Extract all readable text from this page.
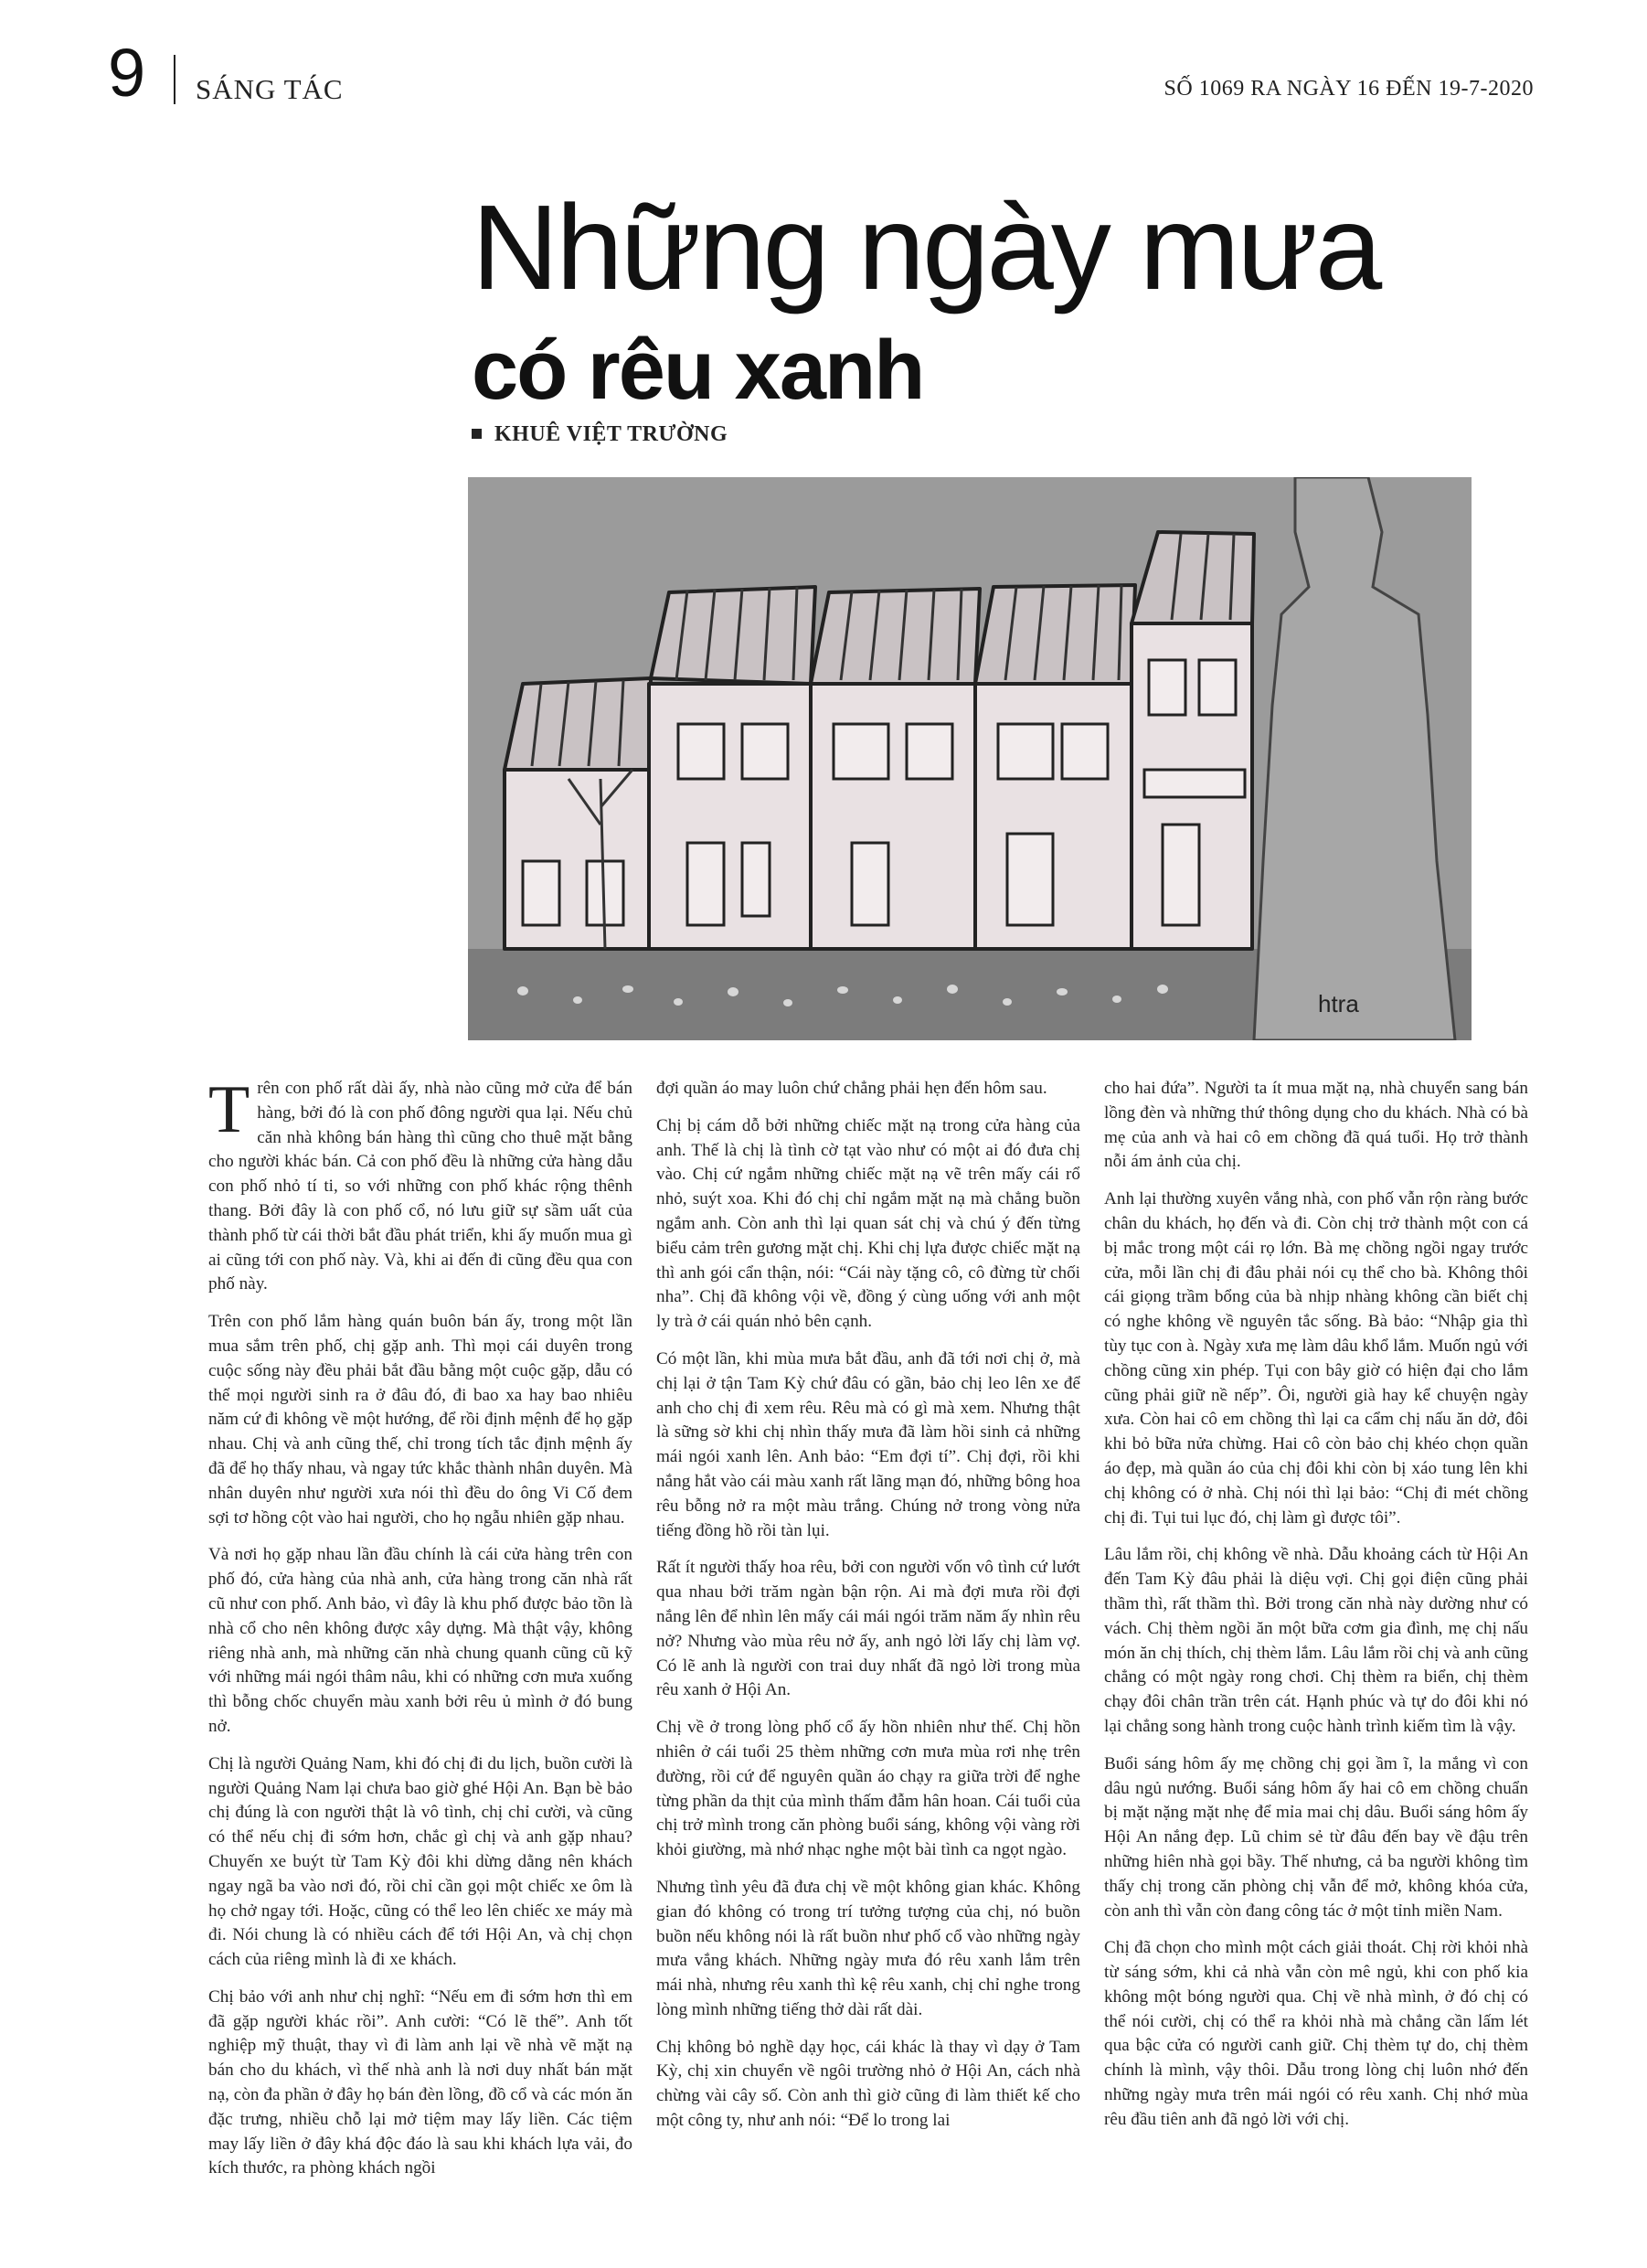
9 SÁNG TÁC	SỐ 1069 RA NGÀY 16 ĐẾN 19-7-2020
Những ngày mưa
có rêu xanh
KHUÊ VIỆT TRƯỜNG
htra

Trên con phố rất dài ấy, nhà nào cũng mở cửa để bán hàng, bởi đó là con phố đông người qua lại. Nếu chủ căn nhà không bán hàng thì cũng cho thuê mặt bằng cho người khác bán. Cả con phố đều là những cửa hàng dẫu con phố nhỏ tí ti, so với những con phố khác rộng thênh thang. Bởi đây là con phố cổ, nó lưu giữ sự sầm uất của thành phố từ cái thời bắt đầu phát triển, khi ấy muốn mua gì ai cũng tới con phố này. Và, khi ai đến đi cũng đều qua con phố này.

Trên con phố lắm hàng quán buôn bán ấy, trong một lần mua sắm trên phố, chị gặp anh. Thì mọi cái duyên trong cuộc sống này đều phải bắt đầu bằng một cuộc gặp, dẫu có thể mọi người sinh ra ở đâu đó, đi bao xa hay bao nhiêu năm cứ đi không về một hướng, để rồi định mệnh để họ gặp nhau. Chị và anh cũng thế, chỉ trong tích tắc định mệnh ấy đã để họ thấy nhau, và ngay tức khắc thành nhân duyên. Mà nhân duyên như người xưa nói thì đều do ông Vi Cố đem sợi tơ hồng cột vào hai người, cho họ ngẫu nhiên gặp nhau.

Và nơi họ gặp nhau lần đầu chính là cái cửa hàng trên con phố đó, cửa hàng của nhà anh, cửa hàng trong căn nhà rất cũ như con phố. Anh bảo, vì đây là khu phố được bảo tồn là nhà cổ cho nên không được xây dựng. Mà thật vậy, không riêng nhà anh, mà những căn nhà chung quanh cũng cũ kỹ với những mái ngói thâm nâu, khi có những cơn mưa xuống thì bỗng chốc chuyển màu xanh bởi rêu ủ mình ở đó bung nở.

Chị là người Quảng Nam, khi đó chị đi du lịch, buồn cười là người Quảng Nam lại chưa bao giờ ghé Hội An. Bạn bè bảo chị đúng là con người thật là vô tình, chị chỉ cười, và cũng có thể nếu chị đi sớm hơn, chắc gì chị và anh gặp nhau? Chuyến xe buýt từ Tam Kỳ đôi khi dừng dằng nên khách ngay ngã ba vào nơi đó, rồi chỉ cần gọi một chiếc xe ôm là họ chở ngay tới. Hoặc, cũng có thể leo lên chiếc xe máy mà đi. Nói chung là có nhiều cách để tới Hội An, và chị chọn cách của riêng mình là đi xe khách.

Chị bảo với anh như chị nghĩ: “Nếu em đi sớm hơn thì em đã gặp người khác rồi”. Anh cười: “Có lẽ thế”. Anh tốt nghiệp mỹ thuật, thay vì đi làm anh lại về nhà vẽ mặt nạ bán cho du khách, vì thế nhà anh là nơi duy nhất bán mặt nạ, còn đa phần ở đây họ bán đèn lồng, đồ cổ và các món ăn đặc trưng, nhiều chỗ lại mở tiệm may lấy liền. Các tiệm may lấy liền ở đây khá độc đáo là sau khi khách lựa vải, đo kích thước, ra phòng khách ngồi

đợi quần áo may luôn chứ chẳng phải hẹn đến hôm sau.

Chị bị cám dỗ bởi những chiếc mặt nạ trong cửa hàng của anh. Thế là chị là tình cờ tạt vào như có một ai đó đưa chị vào. Chị cứ ngắm những chiếc mặt nạ vẽ trên mấy cái rổ nhỏ, suýt xoa. Khi đó chị chỉ ngắm mặt nạ mà chẳng buồn ngắm anh. Còn anh thì lại quan sát chị và chú ý đến từng biểu cảm trên gương mặt chị. Khi chị lựa được chiếc mặt nạ thì anh gói cẩn thận, nói: “Cái này tặng cô, cô đừng từ chối nha”. Chị đã không vội về, đồng ý cùng uống với anh một ly trà ở cái quán nhỏ bên cạnh.

Có một lần, khi mùa mưa bắt đầu, anh đã tới nơi chị ở, mà chị lại ở tận Tam Kỳ chứ đâu có gần, bảo chị leo lên xe để anh cho chị đi xem rêu. Rêu mà có gì mà xem. Nhưng thật là sững sờ khi chị nhìn thấy mưa đã làm hồi sinh cả những mái ngói xanh lên. Anh bảo: “Em đợi tí”. Chị đợi, rồi khi nắng hắt vào cái màu xanh rất lãng mạn đó, những bông hoa rêu bỗng nở ra một màu trắng. Chúng nở trong vòng nửa tiếng đồng hồ rồi tàn lụi.

Rất ít người thấy hoa rêu, bởi con người vốn vô tình cứ lướt qua nhau bởi trăm ngàn bận rộn. Ai mà đợi mưa rồi đợi nắng lên để nhìn lên mấy cái mái ngói trăm năm ấy nhìn rêu nở? Nhưng vào mùa rêu nở ấy, anh ngỏ lời lấy chị làm vợ. Có lẽ anh là người con trai duy nhất đã ngỏ lời trong mùa rêu xanh ở Hội An.

Chị về ở trong lòng phố cổ ấy hồn nhiên như thế. Chị hồn nhiên ở cái tuổi 25 thèm những cơn mưa mùa rơi nhẹ trên đường, rồi cứ để nguyên quần áo chạy ra giữa trời để nghe từng phần da thịt của mình thấm đẫm hân hoan. Cái tuổi của chị trở mình trong căn phòng buổi sáng, không vội vàng rời khỏi giường, mà nhớ nhạc nghe một bài tình ca ngọt ngào.

Nhưng tình yêu đã đưa chị về một không gian khác. Không gian đó không có trong trí tưởng tượng của chị, nó buồn buồn nếu không nói là rất buồn như phố cổ vào những ngày mưa vắng khách. Những ngày mưa đó rêu xanh lắm trên mái nhà, nhưng rêu xanh thì kệ rêu xanh, chị chỉ nghe trong lòng mình những tiếng thở dài rất dài.

Chị không bỏ nghề dạy học, cái khác là thay vì dạy ở Tam Kỳ, chị xin chuyển về ngôi trường nhỏ ở Hội An, cách nhà chừng vài cây số. Còn anh thì giờ cũng đi làm thiết kế cho một công ty, như anh nói: “Để lo trong lai

cho hai đứa”. Người ta ít mua mặt nạ, nhà chuyển sang bán lồng đèn và những thứ thông dụng cho du khách. Nhà có bà mẹ của anh và hai cô em chồng đã quá tuổi. Họ trở thành nỗi ám ảnh của chị.

Anh lại thường xuyên vắng nhà, con phố vẫn rộn ràng bước chân du khách, họ đến và đi. Còn chị trở thành một con cá bị mắc trong một cái rọ lớn. Bà mẹ chồng ngồi ngay trước cửa, mỗi lần chị đi đâu phải nói cụ thể cho bà. Không thôi cái giọng trầm bổng của bà nhịp nhàng không cần biết chị có nghe không về nguyên tắc sống. Bà bảo: “Nhập gia thì tùy tục con à. Ngày xưa mẹ làm dâu khổ lắm. Muốn ngủ với chồng cũng xin phép. Tụi con bây giờ có hiện đại cho lắm cũng phải giữ nề nếp”. Ôi, người già hay kể chuyện ngày xưa. Còn hai cô em chồng thì lại ca cẩm chị nấu ăn dở, đôi khi bỏ bữa nửa chừng. Hai cô còn bảo chị khéo chọn quần áo đẹp, mà quần áo của chị đôi khi còn bị xáo tung lên khi chị không có ở nhà. Chị nói thì lại bảo: “Chị đi mét chồng chị đi. Tụi tui lục đó, chị làm gì được tôi”.

Lâu lắm rồi, chị không về nhà. Dẫu khoảng cách từ Hội An đến Tam Kỳ đâu phải là diệu vợi. Chị gọi điện cũng phải thầm thì, rất thầm thì. Bởi trong căn nhà này dường như có vách. Chị thèm ngồi ăn một bữa cơm gia đình, mẹ chị nấu món ăn chị thích, chị thèm lắm. Lâu lắm rồi chị và anh cũng chẳng có một ngày rong chơi. Chị thèm ra biển, chị thèm chạy đôi chân trần trên cát. Hạnh phúc và tự do đôi khi nó lại chẳng song hành trong cuộc hành trình kiếm tìm là vậy.

Buổi sáng hôm ấy mẹ chồng chị gọi ầm ĩ, la mắng vì con dâu ngủ nướng. Buổi sáng hôm ấy hai cô em chồng chuẩn bị mặt nặng mặt nhẹ để mỉa mai chị dâu. Buổi sáng hôm ấy Hội An nắng đẹp. Lũ chim sẻ từ đâu đến bay về đậu trên những hiên nhà gọi bầy. Thế nhưng, cả ba người không tìm thấy chị trong căn phòng chị vẫn để mở, không khóa cửa, còn anh thì vẫn còn đang công tác ở một tỉnh miền Nam.

Chị đã chọn cho mình một cách giải thoát. Chị rời khỏi nhà từ sáng sớm, khi cả nhà vẫn còn mê ngủ, khi con phố kia không một bóng người qua. Chị về nhà mình, ở đó chị có thể nói cười, chị có thể ra khỏi nhà mà chẳng cần lấm lét qua bậc cửa có người canh giữ. Chị thèm tự do, chị thèm chính là mình, vậy thôi. Dẫu trong lòng chị luôn nhớ đến những ngày mưa trên mái ngói có rêu xanh. Chị nhớ mùa rêu đầu tiên anh đã ngỏ lời với chị.
